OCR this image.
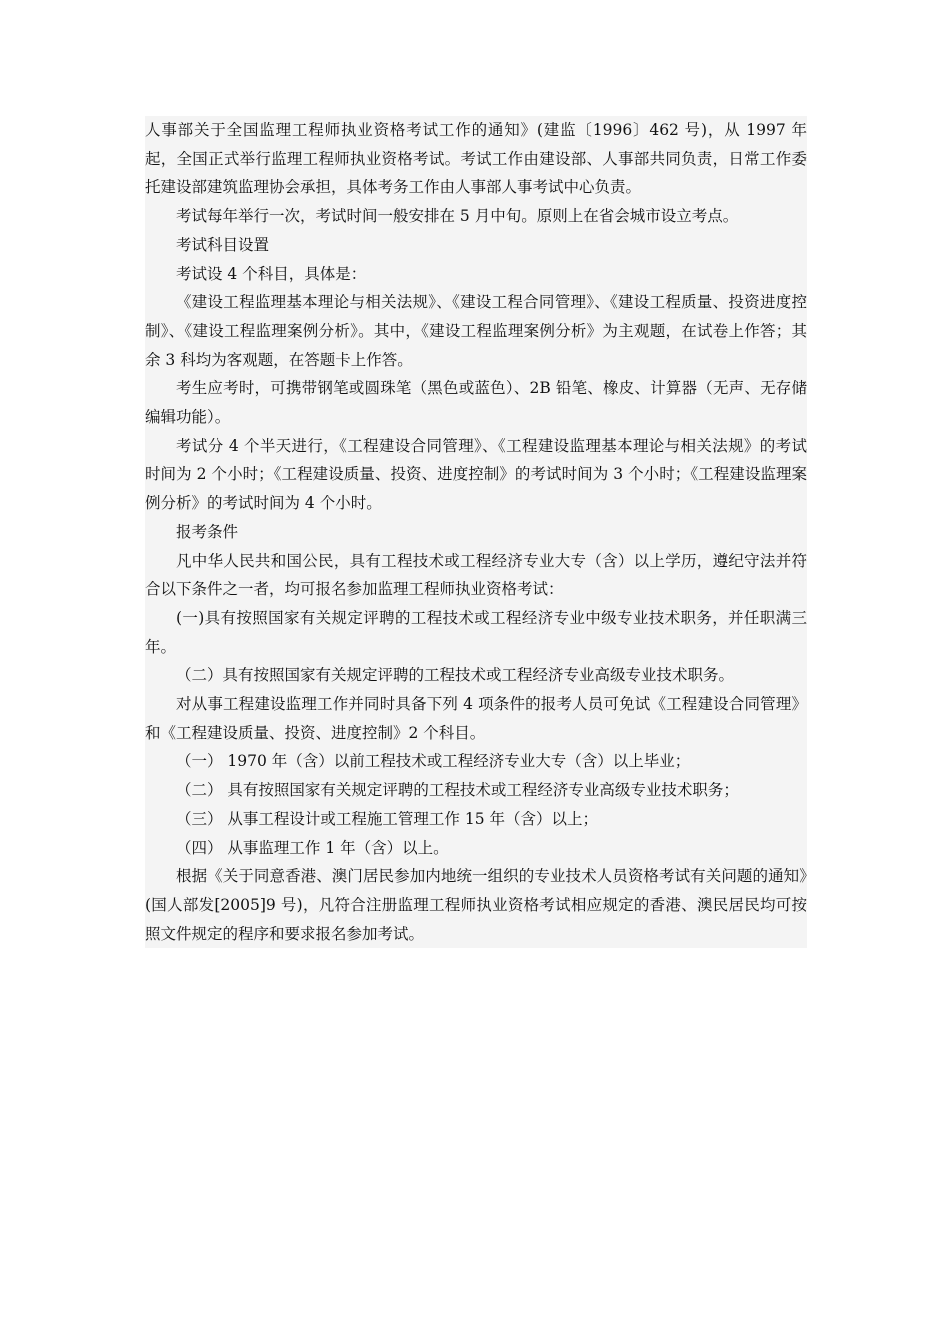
人事部关于全国监理工程师执业资格考试工作的通知》(建监〔1996〕462 号)，从 1997 年起，全国正式举行监理工程师执业资格考试。考试工作由建设部、人事部共同负责，日常工作委托建设部建筑监理协会承担，具体考务工作由人事部人事考试中心负责。

考试每年举行一次，考试时间一般安排在 5 月中旬。原则上在省会城市设立考点。

考试科目设置

考试设 4 个科目，具体是：

《建设工程监理基本理论与相关法规》、《建设工程合同管理》、《建设工程质量、投资进度控制》、《建设工程监理案例分析》。其中，《建设工程监理案例分析》为主观题，在试卷上作答；其余 3 科均为客观题，在答题卡上作答。

考生应考时，可携带钢笔或圆珠笔（黑色或蓝色）、2B 铅笔、橡皮、计算器（无声、无存储编辑功能）。

考试分 4 个半天进行，《工程建设合同管理》、《工程建设监理基本理论与相关法规》的考试时间为 2 个小时；《工程建设质量、投资、进度控制》的考试时间为 3 个小时；《工程建设监理案例分析》的考试时间为 4 个小时。

报考条件

凡中华人民共和国公民，具有工程技术或工程经济专业大专（含）以上学历，遵纪守法并符合以下条件之一者，均可报名参加监理工程师执业资格考试：

(一)具有按照国家有关规定评聘的工程技术或工程经济专业中级专业技术职务，并任职满三年。

（二）具有按照国家有关规定评聘的工程技术或工程经济专业高级专业技术职务。

对从事工程建设监理工作并同时具备下列 4 项条件的报考人员可免试《工程建设合同管理》和《工程建设质量、投资、进度控制》2 个科目。

（一） 1970 年（含）以前工程技术或工程经济专业大专（含）以上毕业；

（二） 具有按照国家有关规定评聘的工程技术或工程经济专业高级专业技术职务；

（三） 从事工程设计或工程施工管理工作 15 年（含）以上；

（四） 从事监理工作 1 年（含）以上。

根据《关于同意香港、澳门居民参加内地统一组织的专业技术人员资格考试有关问题的通知》(国人部发[2005]9 号)，凡符合注册监理工程师执业资格考试相应规定的香港、澳民居民均可按照文件规定的程序和要求报名参加考试。
